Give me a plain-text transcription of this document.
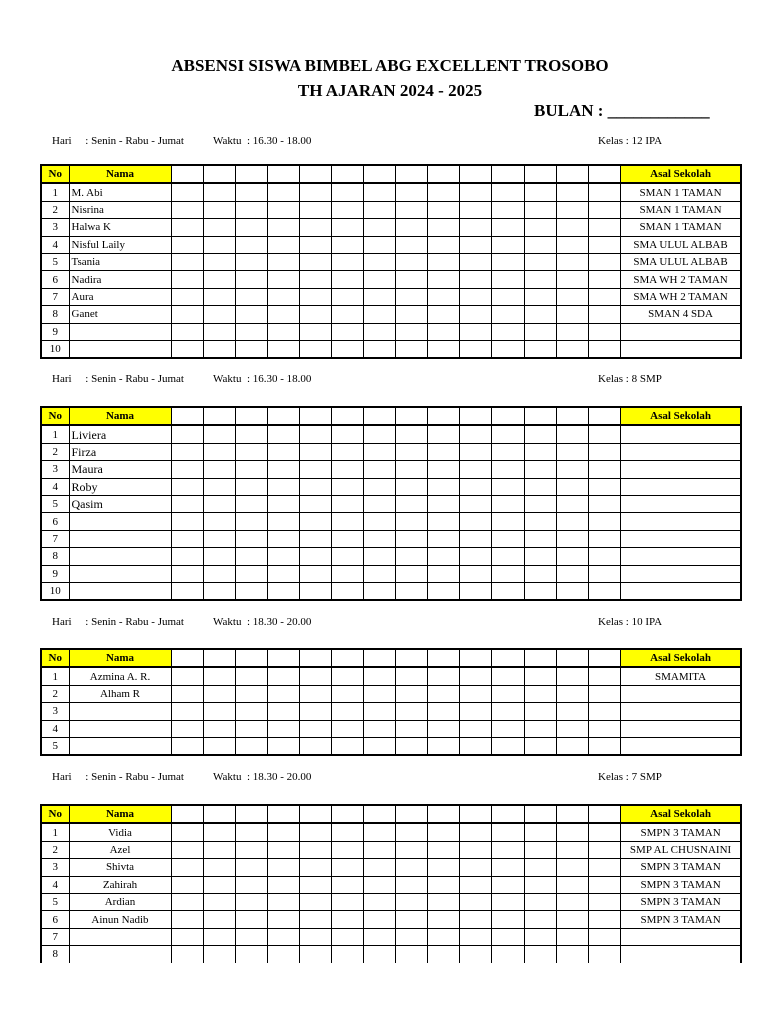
ABSENSI SISWA BIMBEL ABG EXCELLENT TROSOBO
TH AJARAN 2024 - 2025
BULAN : ____________
Hari     : Senin - Rabu - Jumat	Waktu  : 16.30 - 18.00	Kelas : 12 IPA
No	Nama															Asal Sekolah
1	M. Abi															SMAN 1 TAMAN
2	Nisrina															SMAN 1 TAMAN
3	Halwa K															SMAN 1 TAMAN
4	Nisful Laily															SMA ULUL ALBAB
5	Tsania															SMA ULUL ALBAB
6	Nadira															SMA WH 2 TAMAN
7	Aura															SMA WH 2 TAMAN
8	Ganet															SMAN 4 SDA
9																
10																
Hari     : Senin - Rabu - Jumat	Waktu  : 16.30 - 18.00	Kelas : 8 SMP
No	Nama															Asal Sekolah
1	Liviera															
2	Firza															
3	Maura															
4	Roby															
5	Qasim															
6																
7																
8																
9																
10																
Hari     : Senin - Rabu - Jumat	Waktu  : 18.30 - 20.00	Kelas : 10 IPA
No	Nama															Asal Sekolah
1	Azmina A. R.															SMAMITA
2	Alham R															
3																
4																
5																
Hari     : Senin - Rabu - Jumat	Waktu  : 18.30 - 20.00	Kelas : 7 SMP
No	Nama															Asal Sekolah
1	Vidia															SMPN 3 TAMAN
2	Azel															SMP AL CHUSNAINI
3	Shivta															SMPN 3 TAMAN
4	Zahirah															SMPN 3 TAMAN
5	Ardian															SMPN 3 TAMAN
6	Ainun Nadib															SMPN 3 TAMAN
7																
8																
